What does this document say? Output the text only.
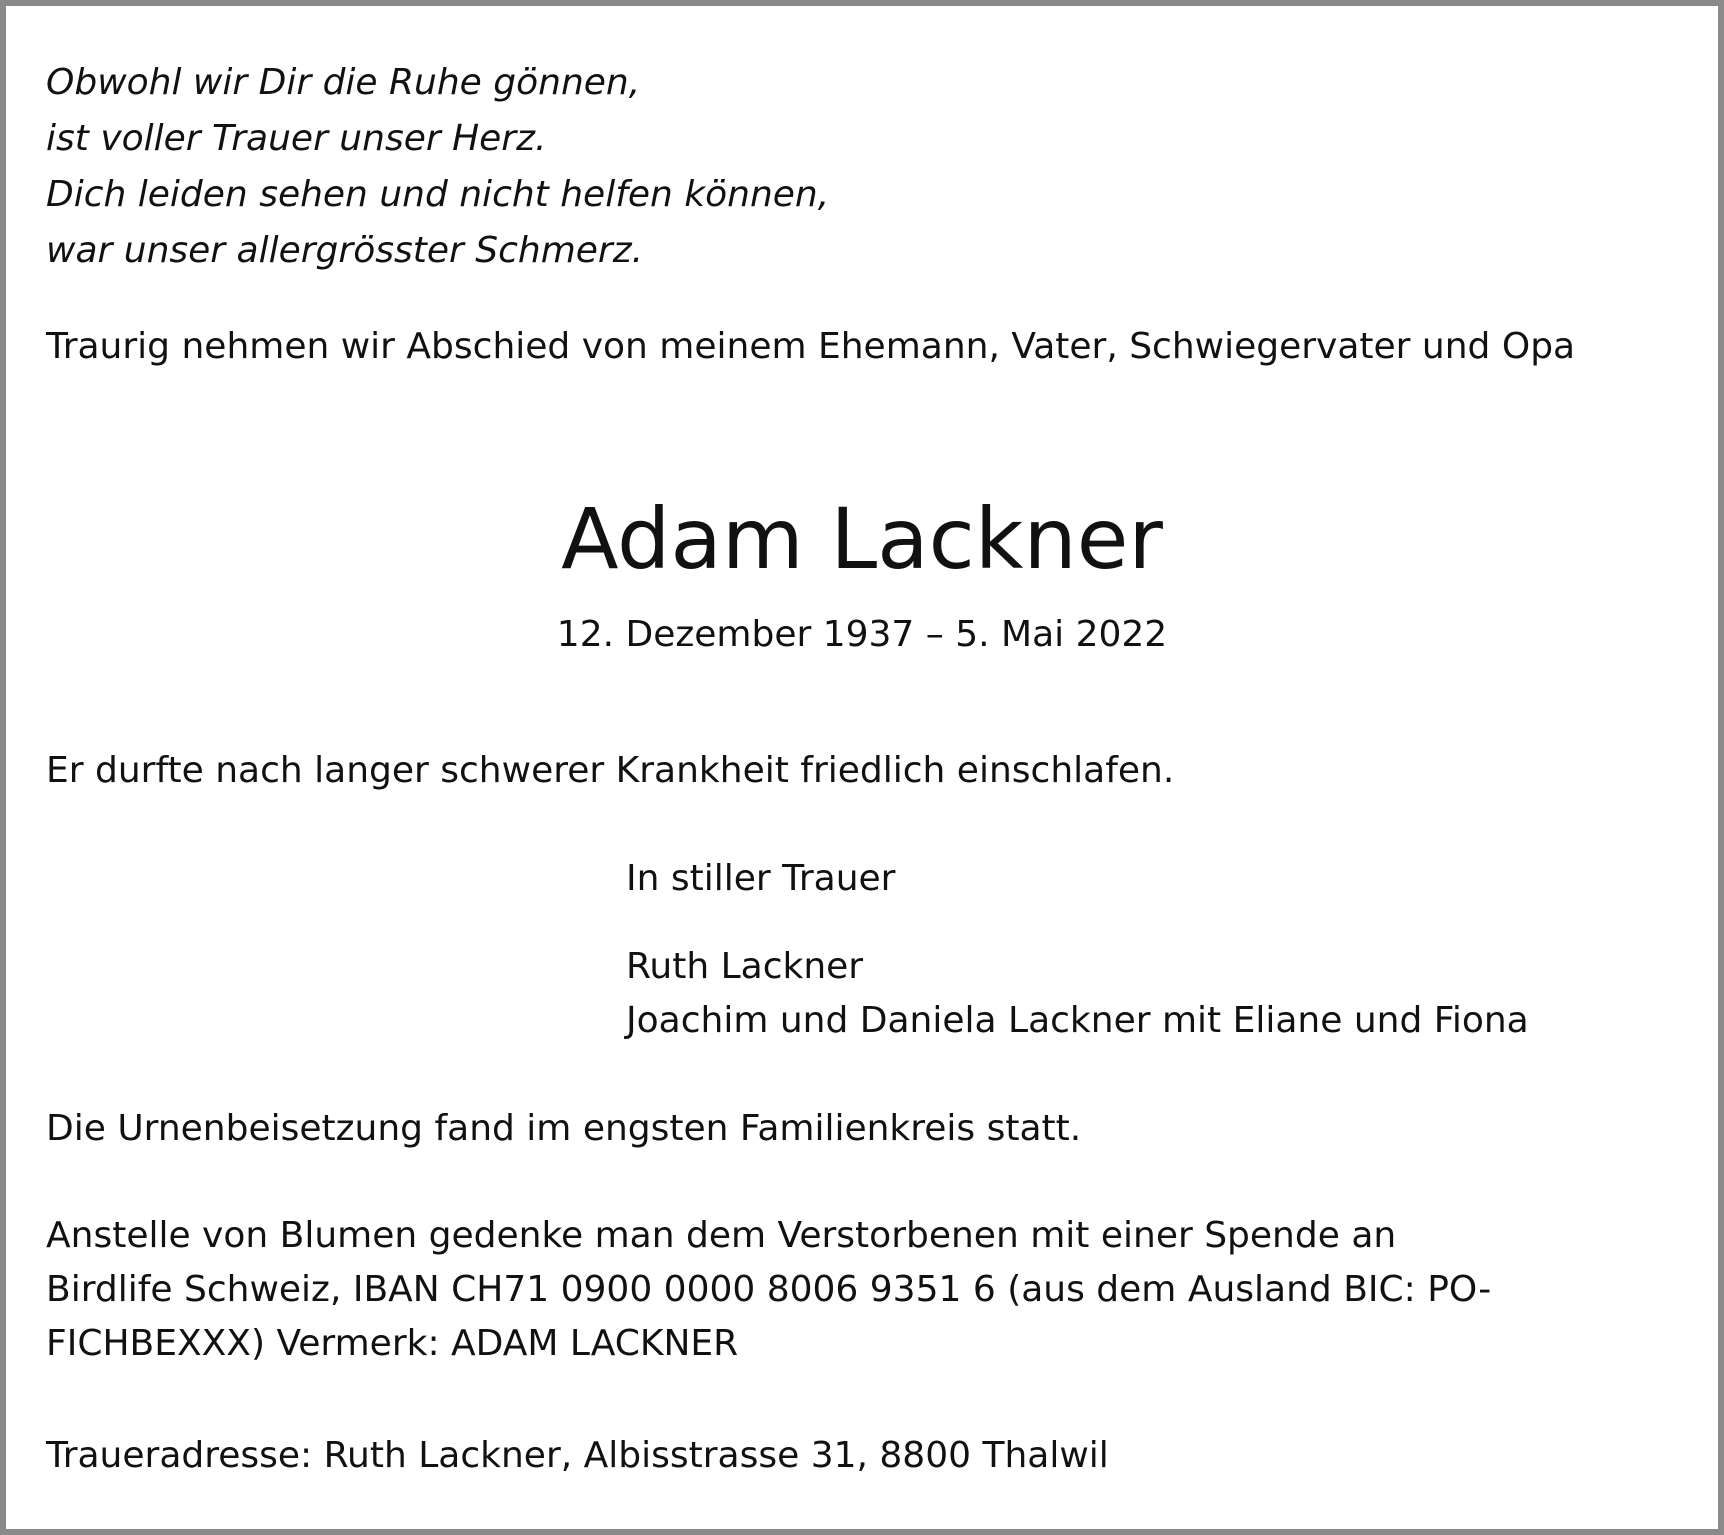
Obwohl wir Dir die Ruhe gönnen,
ist voller Trauer unser Herz.
Dich leiden sehen und nicht helfen können,
war unser allergrösster Schmerz.
Traurig nehmen wir Abschied von meinem Ehemann, Vater, Schwiegervater und Opa
Adam Lackner
12. Dezember 1937 – 5. Mai 2022
Er durfte nach langer schwerer Krankheit friedlich einschlafen.
In stiller Trauer
Ruth Lackner
Joachim und Daniela Lackner mit Eliane und Fiona
Die Urnenbeisetzung fand im engsten Familienkreis statt.
Anstelle von Blumen gedenke man dem Verstorbenen mit einer Spende an
Birdlife Schweiz, IBAN CH71 0900 0000 8006 9351 6 (aus dem Ausland BIC: PO-
FICHBEXXX) Vermerk: ADAM LACKNER
Traueradresse: Ruth Lackner, Albisstrasse 31, 8800 Thalwil
